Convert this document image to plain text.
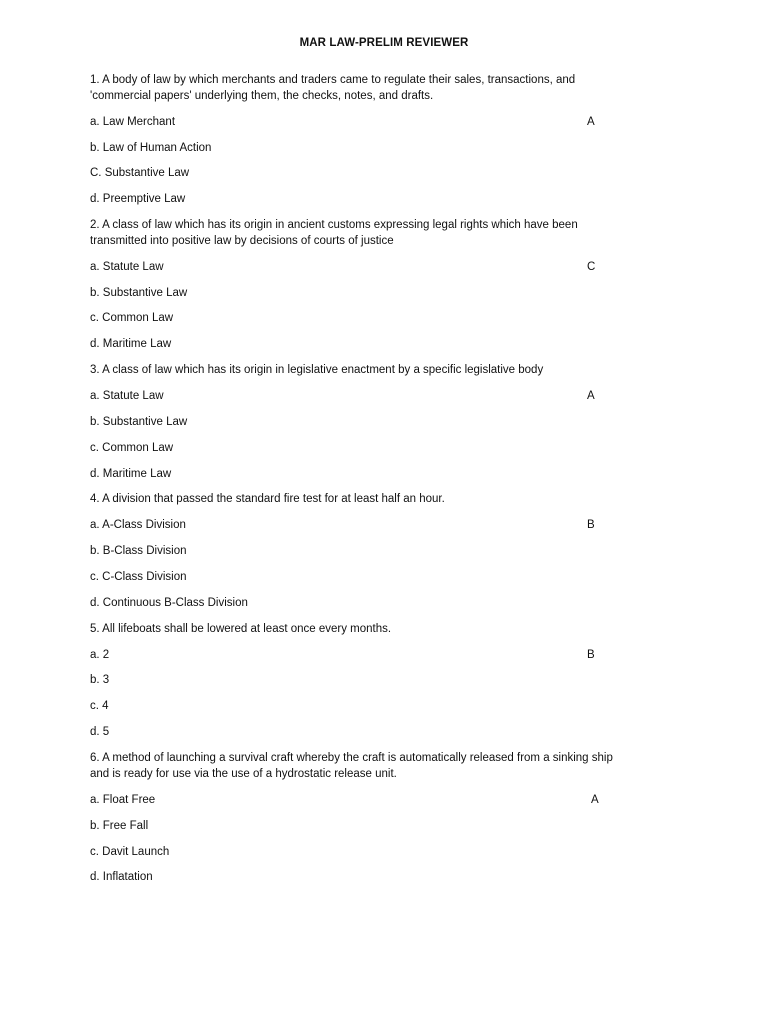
MAR LAW-PRELIM REVIEWER
1. A body of law by which merchants and traders came to regulate their sales, transactions, and
'commercial papers' underlying them, the checks, notes, and drafts.
a. Law Merchant	A
b. Law of Human Action
C. Substantive Law
d. Preemptive Law
2. A class of law which has its origin in ancient customs expressing legal rights which have been
transmitted into positive law by decisions of courts of justice
a. Statute Law	C
b. Substantive Law
c. Common Law
d. Maritime Law
3. A class of law which has its origin in legislative enactment by a specific legislative body
a. Statute Law	A
b. Substantive Law
c. Common Law
d. Maritime Law
4. A division that passed the standard fire test for at least half an hour.
a. A-Class Division	B
b. B-Class Division
c. C-Class Division
d. Continuous B-Class Division
5. All lifeboats shall be lowered at least once every months.
a. 2	B
b. 3
c. 4
d. 5
6. A method of launching a survival craft whereby the craft is automatically released from a sinking ship
and is ready for use via the use of a hydrostatic release unit.
a. Float Free	A
b. Free Fall
c. Davit Launch
d. Inflatation
